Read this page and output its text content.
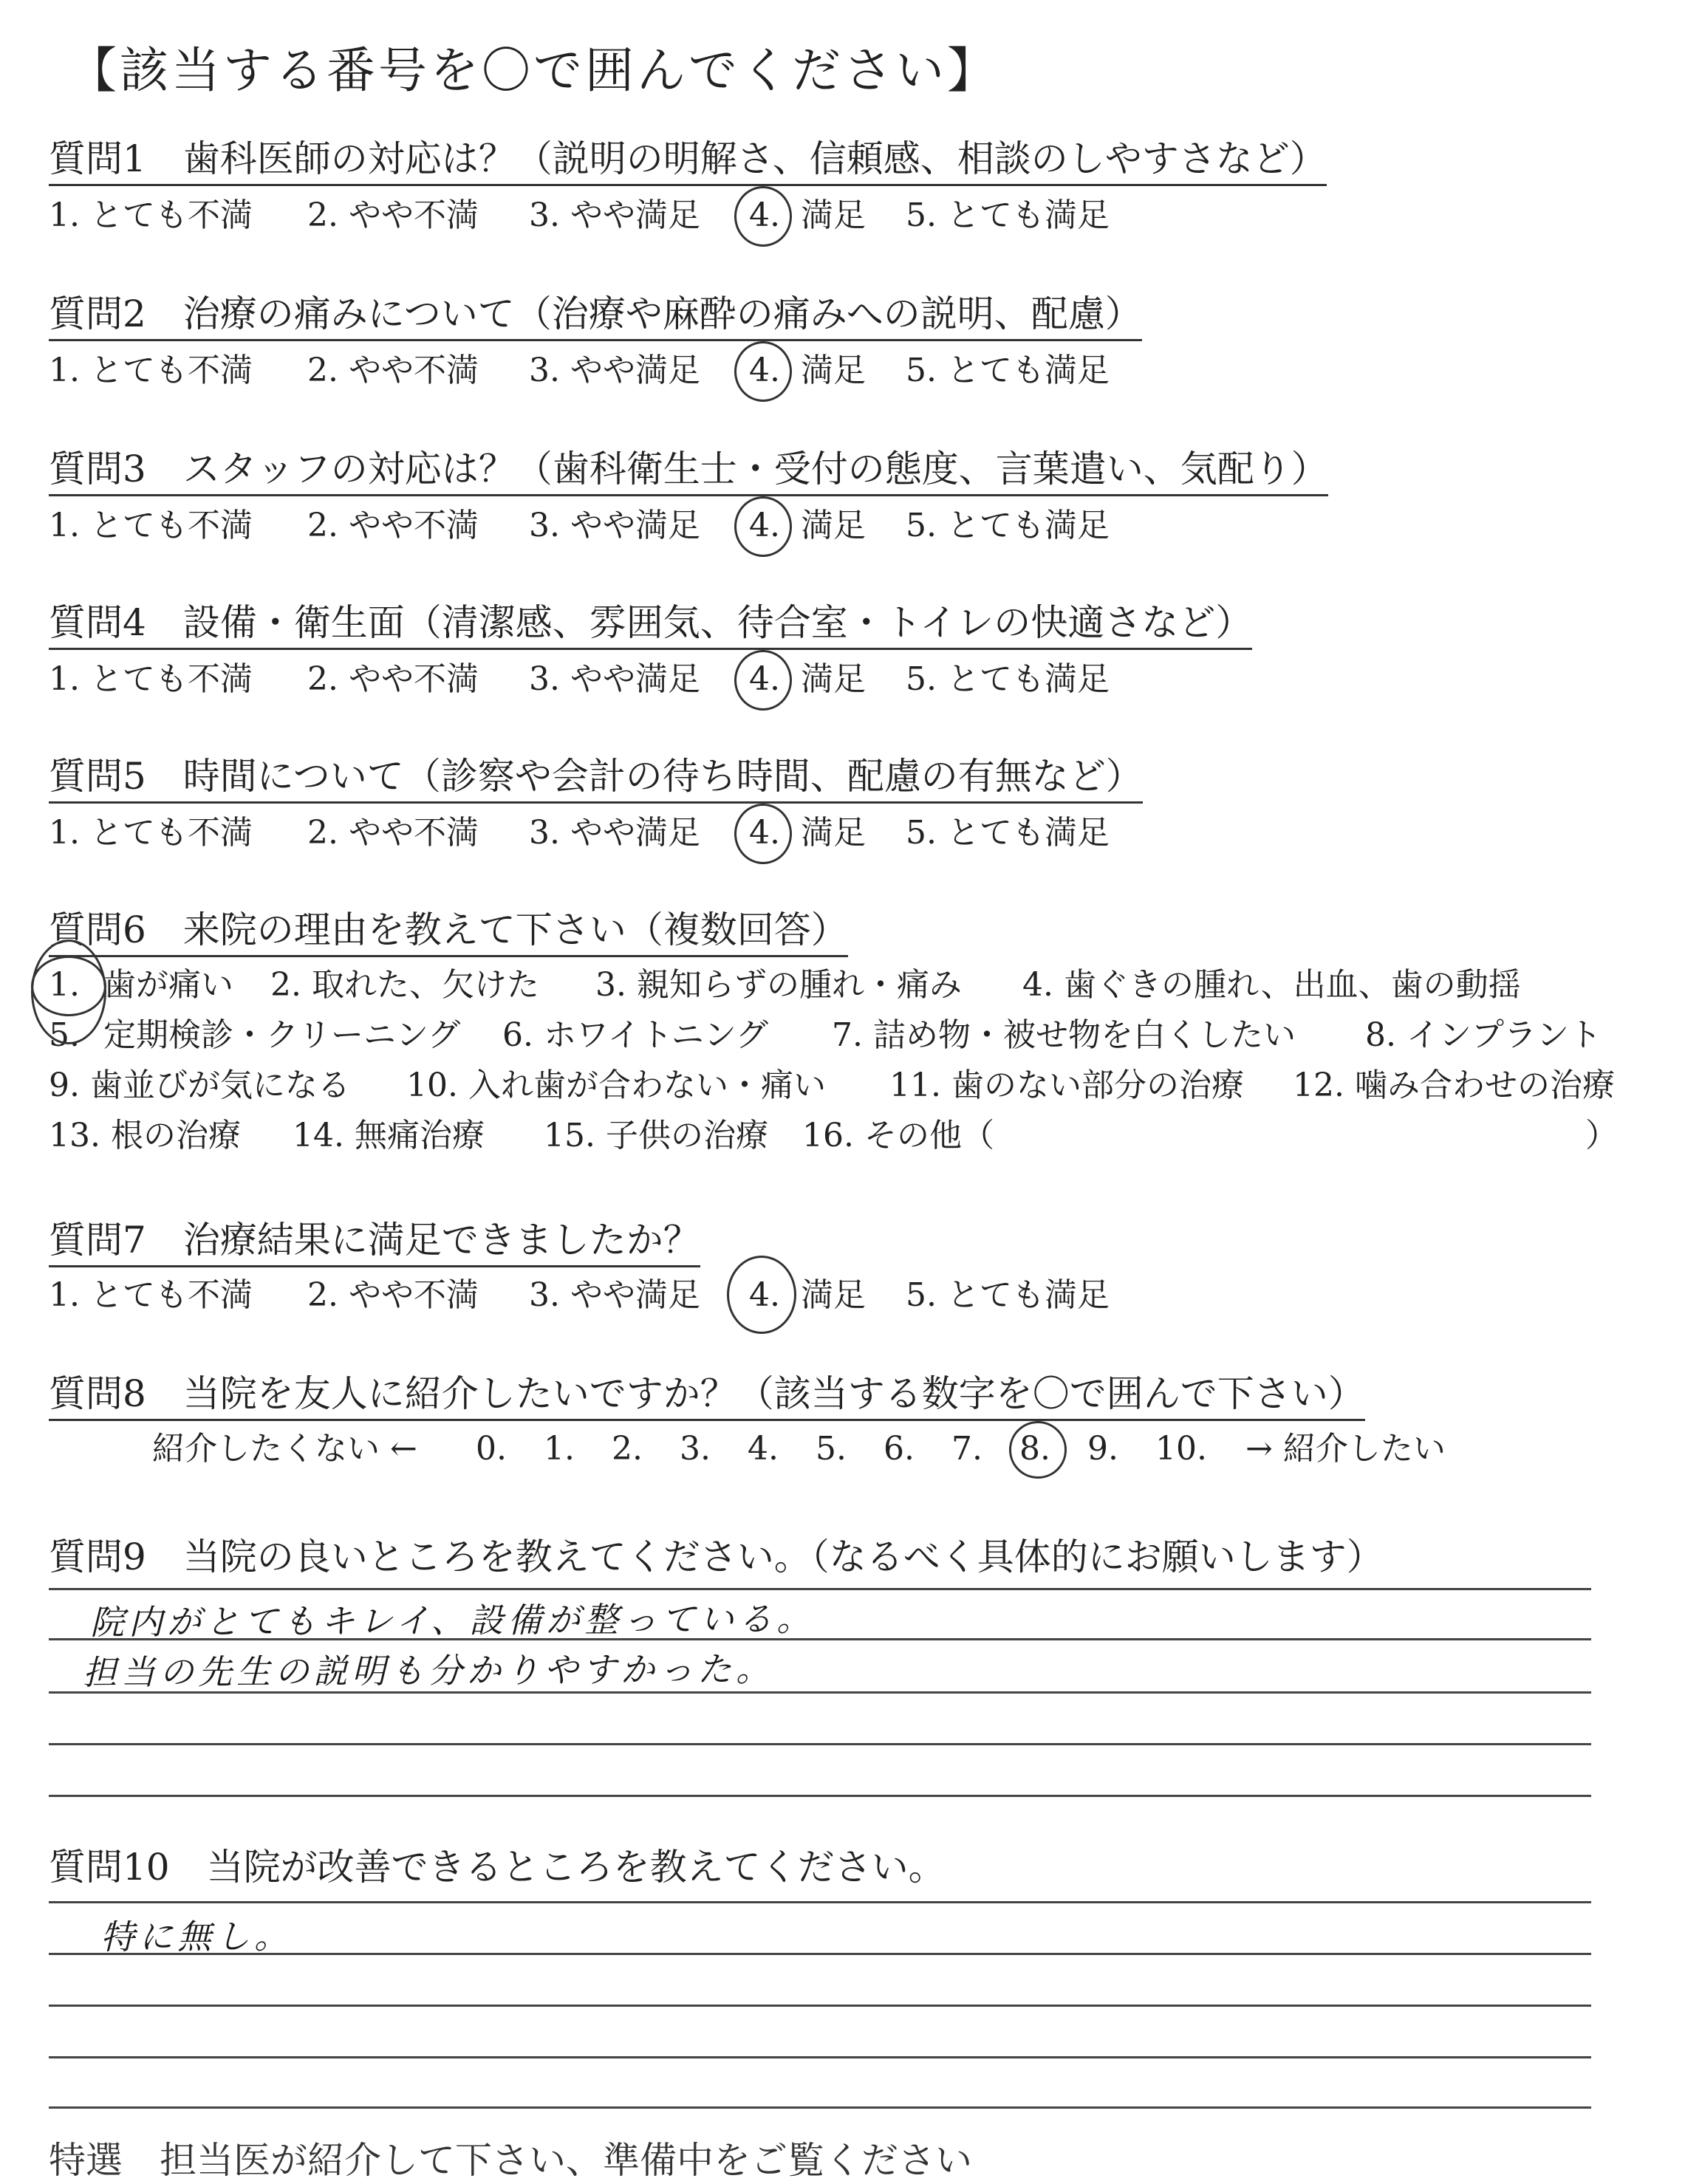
【該当する番号を〇で囲んでください】
質問1　歯科医師の対応は？（説明の明解さ、信頼感、相談のしやすさなど）
1. とても不満 2. やや不満 3. やや満足 4. 満足 5. とても満足
質問2　治療の痛みについて（治療や麻酔の痛みへの説明、配慮）
1. とても不満 2. やや不満 3. やや満足 4. 満足 5. とても満足
質問3　スタッフの対応は？（歯科衛生士・受付の態度、言葉遣い、気配り）
1. とても不満 2. やや不満 3. やや満足 4. 満足 5. とても満足
質問4　設備・衛生面（清潔感、雰囲気、待合室・トイレの快適さなど）
1. とても不満 2. やや不満 3. やや満足 4. 満足 5. とても満足
質問5　時間について（診察や会計の待ち時間、配慮の有無など）
1. とても不満 2. やや不満 3. やや満足 4. 満足 5. とても満足
質問6　来院の理由を教えて下さい（複数回答）
1. 歯が痛い 2. 取れた、欠けた 3. 親知らずの腫れ・痛み 4. 歯ぐきの腫れ、出血、歯の動揺
5. 定期検診・クリーニング 6. ホワイトニング 7. 詰め物・被せ物を白くしたい 8. インプラント
9. 歯並びが気になる 10. 入れ歯が合わない・痛い 11. 歯のない部分の治療 12. 噛み合わせの治療
13. 根の治療 14. 無痛治療 15. 子供の治療 16. その他（	）
質問7　治療結果に満足できましたか？
1. とても不満 2. やや不満 3. やや満足 4. 満足 5. とても満足
質問8　当院を友人に紹介したいですか？（該当する数字を〇で囲んで下さい）
紹介したくない ← 0. 1. 2. 3. 4. 5. 6. 7. 8. 9. 10. → 紹介したい
質問9　当院の良いところを教えてください。（なるべく具体的にお願いします）
院内がとてもキレイ、設備が整っている。
担当の先生の説明も分かりやすかった。
質問10　当院が改善できるところを教えてください。
特に無し。
特選　担当医が紹介して下さい、準備中をご覧ください
